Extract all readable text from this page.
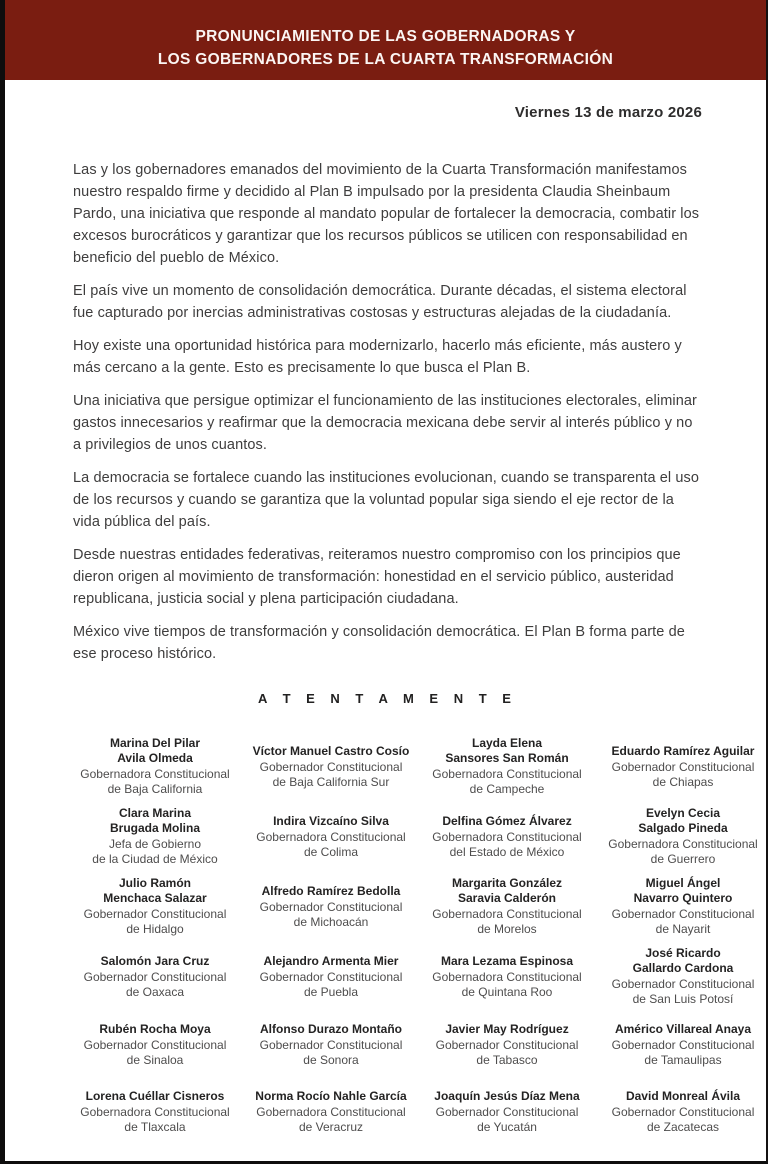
PRONUNCIAMIENTO DE LAS GOBERNADORAS Y
LOS GOBERNADORES DE LA CUARTA TRANSFORMACIÓN
Viernes 13 de marzo 2026

Las y los gobernadores emanados del movimiento de la Cuarta Transformación manifestamos nuestro respaldo firme y decidido al Plan B impulsado por la presidenta Claudia Sheinbaum Pardo, una iniciativa que responde al mandato popular de fortalecer la democracia, combatir los excesos burocráticos y garantizar que los recursos públicos se utilicen con responsabilidad en beneficio del pueblo de México.

El país vive un momento de consolidación democrática. Durante décadas, el sistema electoral fue capturado por inercias administrativas costosas y estructuras alejadas de la ciudadanía.

Hoy existe una oportunidad histórica para modernizarlo, hacerlo más eficiente, más austero y más cercano a la gente. Esto es precisamente lo que busca el Plan B.

Una iniciativa que persigue optimizar el funcionamiento de las instituciones electorales, eliminar gastos innecesarios y reafirmar que la democracia mexicana debe servir al interés público y no a privilegios de unos cuantos.

La democracia se fortalece cuando las instituciones evolucionan, cuando se transparenta el uso de los recursos y cuando se garantiza que la voluntad popular siga siendo el eje rector de la vida pública del país.

Desde nuestras entidades federativas, reiteramos nuestro compromiso con los principios que dieron origen al movimiento de transformación: honestidad en el servicio público, austeridad republicana, justicia social y plena participación ciudadana.

México vive tiempos de transformación y consolidación democrática. El Plan B forma parte de ese proceso histórico.

A T E N T A M E N T E
Marina Del Pilar
Avila Olmeda
Gobernadora Constitucional
de Baja California
Víctor Manuel Castro Cosío
Gobernador Constitucional
de Baja California Sur
Layda Elena
Sansores San Román
Gobernadora Constitucional
de Campeche
Eduardo Ramírez Aguilar
Gobernador Constitucional
de Chiapas
Clara Marina
Brugada Molina
Jefa de Gobierno
de la Ciudad de México
Indira Vizcaíno Silva
Gobernadora Constitucional
de Colima
Delfina Gómez Álvarez
Gobernadora Constitucional
del Estado de México
Evelyn Cecia
Salgado Pineda
Gobernadora Constitucional
de Guerrero
Julio Ramón
Menchaca Salazar
Gobernador Constitucional
de Hidalgo
Alfredo Ramírez Bedolla
Gobernador Constitucional
de Michoacán
Margarita González
Saravia Calderón
Gobernadora Constitucional
de Morelos
Miguel Ángel
Navarro Quintero
Gobernador Constitucional
de Nayarit
Salomón Jara Cruz
Gobernador Constitucional
de Oaxaca
Alejandro Armenta Mier
Gobernador Constitucional
de Puebla
Mara Lezama Espinosa
Gobernadora Constitucional
de Quintana Roo
José Ricardo
Gallardo Cardona
Gobernador Constitucional
de San Luis Potosí
Rubén Rocha Moya
Gobernador Constitucional
de Sinaloa
Alfonso Durazo Montaño
Gobernador Constitucional
de Sonora
Javier May Rodríguez
Gobernador Constitucional
de Tabasco
Américo Villareal Anaya
Gobernador Constitucional
de Tamaulipas
Lorena Cuéllar Cisneros
Gobernadora Constitucional
de Tlaxcala
Norma Rocío Nahle García
Gobernadora Constitucional
de Veracruz
Joaquín Jesús Díaz Mena
Gobernador Constitucional
de Yucatán
David Monreal Ávila
Gobernador Constitucional
de Zacatecas
